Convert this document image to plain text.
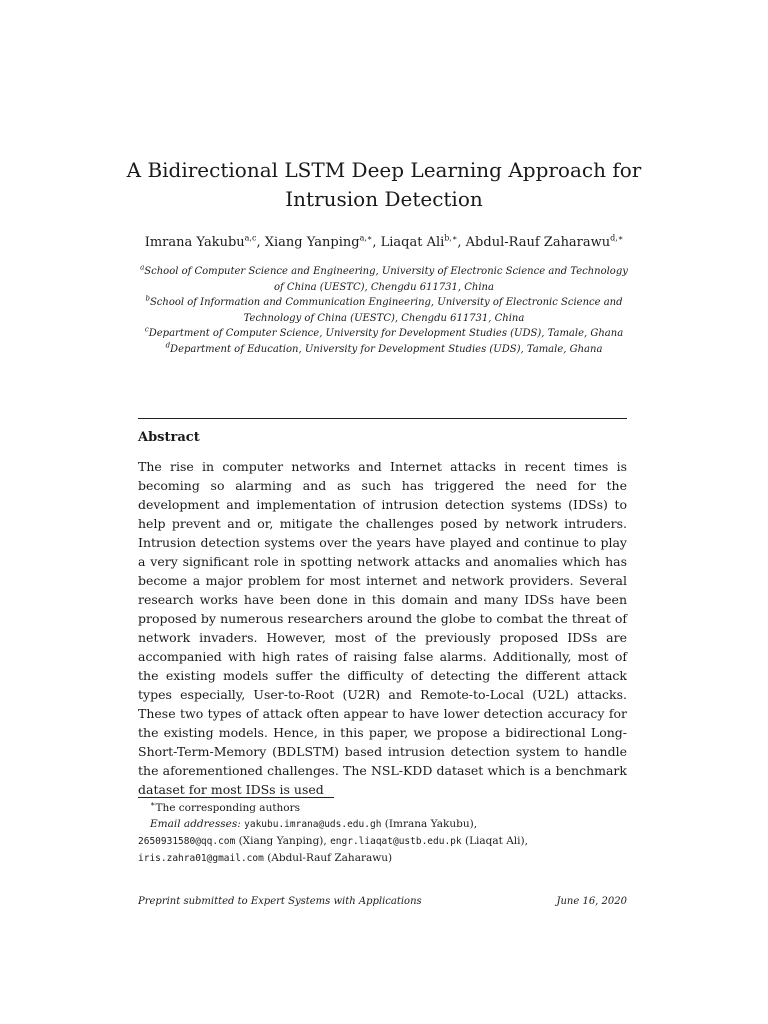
A Bidirectional LSTM Deep Learning Approach for
Intrusion Detection
Imrana Yakubu$^{a,c}$, Xiang Yanping$^{a,∗}$, Liaqat Ali$^{b,∗}$, Abdul-Rauf Zaharawu$^{d,∗}$
$^a$School of Computer Science and Engineering, University of Electronic Science and Technology of China (UESTC), Chengdu 611731, China
$^b$School of Information and Communication Engineering, University of Electronic Science and Technology of China (UESTC), Chengdu 611731, China
$^c$Department of Computer Science, University for Development Studies (UDS), Tamale, Ghana
$^d$Department of Education, University for Development Studies (UDS), Tamale, Ghana
Abstract
The rise in computer networks and Internet attacks in recent times is becoming so alarming and as such has triggered the need for the development and implementation of intrusion detection systems (IDSs) to help prevent and or, mitigate the challenges posed by network intruders. Intrusion detection systems over the years have played and continue to play a very significant role in spotting network attacks and anomalies which has become a major problem for most internet and network providers. Several research works have been done in this domain and many IDSs have been proposed by numerous researchers around the globe to combat the threat of network invaders. However, most of the previously proposed IDSs are accompanied with high rates of raising false alarms. Additionally, most of the existing models suffer the difficulty of detecting the different attack types especially, User-to-Root (U2R) and Remote-to-Local (U2L) attacks. These two types of attack often appear to have lower detection accuracy for the existing models. Hence, in this paper, we propose a bidirectional Long-Short-Term-Memory (BDLSTM) based intrusion detection system to handle the aforementioned challenges. The NSL-KDD dataset which is a benchmark dataset for most IDSs is used
∗The corresponding authors
Email addresses: yakubu.imrana@uds.edu.gh (Imrana Yakubu),
2650931580@qq.com (Xiang Yanping), engr.liaqat@ustb.edu.pk (Liaqat Ali),
iris.zahra01@gmail.com (Abdul-Rauf Zaharawu)
Preprint submitted to Expert Systems with Applications	June 16, 2020
